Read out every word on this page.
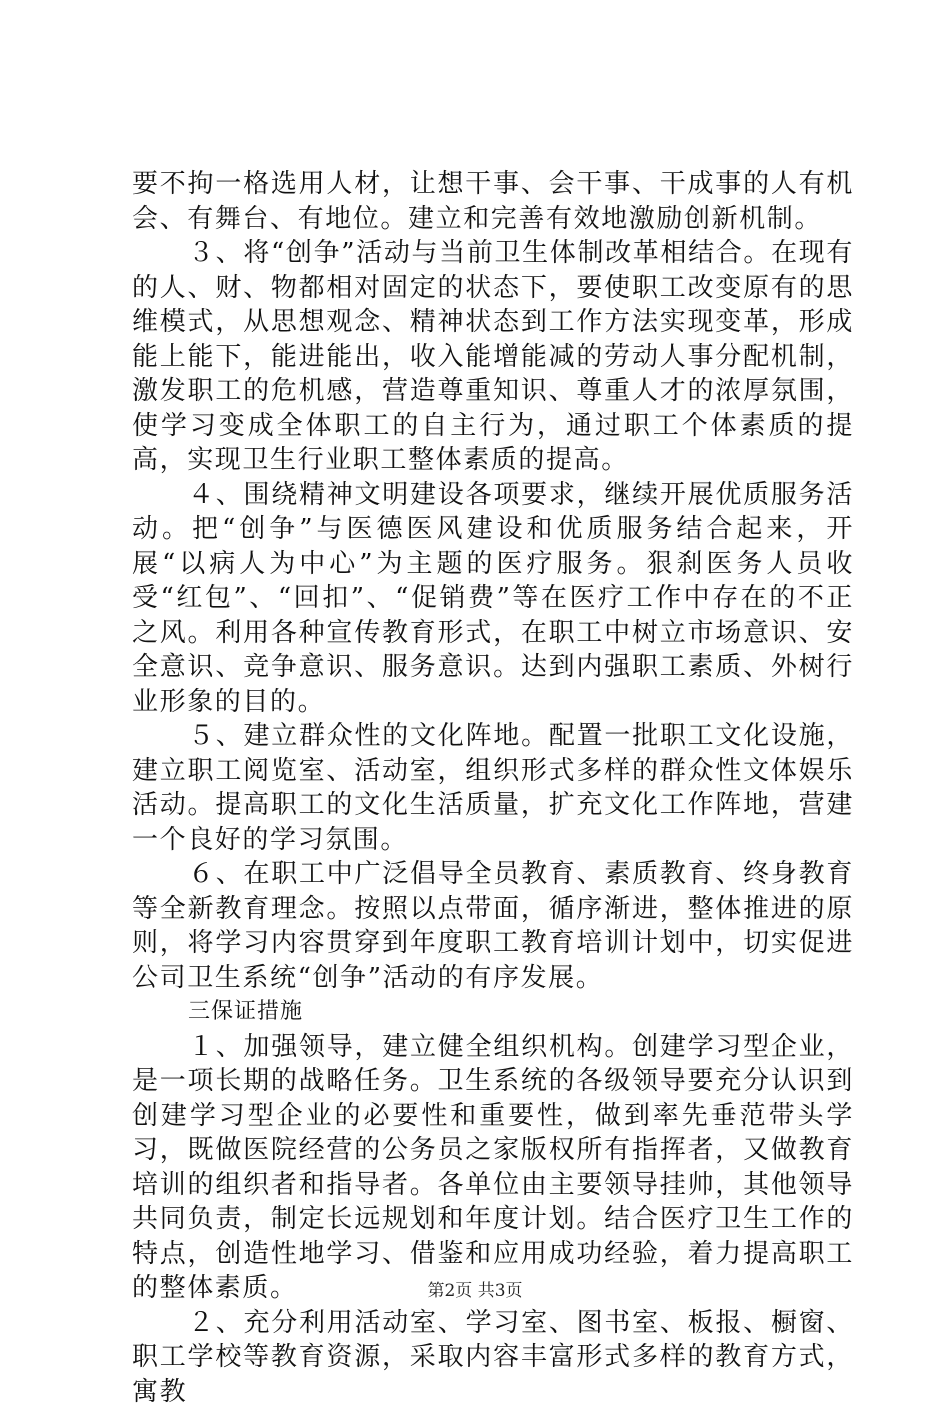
要不拘一格选用人材，让想干事、会干事、干成事的人有机会、有舞台、有地位。建立和完善有效地激励创新机制。

３、将“创争”活动与当前卫生体制改革相结合。在现有的人、财、物都相对固定的状态下，要使职工改变原有的思维模式，从思想观念、精神状态到工作方法实现变革，形成能上能下，能进能出，收入能增能减的劳动人事分配机制，激发职工的危机感，营造尊重知识、尊重人才的浓厚氛围，使学习变成全体职工的自主行为，通过职工个体素质的提高，实现卫生行业职工整体素质的提高。

４、围绕精神文明建设各项要求，继续开展优质服务活动。把“创争”与医德医风建设和优质服务结合起来，开展“以病人为中心”为主题的医疗服务。狠刹医务人员收受“红包”、“回扣”、“促销费”等在医疗工作中存在的不正之风。利用各种宣传教育形式，在职工中树立市场意识、安全意识、竞争意识、服务意识。达到内强职工素质、外树行业形象的目的。

５、建立群众性的文化阵地。配置一批职工文化设施，建立职工阅览室、活动室，组织形式多样的群众性文体娱乐活动。提高职工的文化生活质量，扩充文化工作阵地，营建一个良好的学习氛围。

６、在职工中广泛倡导全员教育、素质教育、终身教育等全新教育理念。按照以点带面，循序渐进，整体推进的原则，将学习内容贯穿到年度职工教育培训计划中，切实促进公司卫生系统“创争”活动的有序发展。

三保证措施

１、加强领导，建立健全组织机构。创建学习型企业，是一项长期的战略任务。卫生系统的各级领导要充分认识到创建学习型企业的必要性和重要性，做到率先垂范带头学习，既做医院经营的公务员之家版权所有指挥者，又做教育培训的组织者和指导者。各单位由主要领导挂帅，其他领导共同负责，制定长远规划和年度计划。结合医疗卫生工作的特点，创造性地学习、借鉴和应用成功经验，着力提高职工的整体素质。

２、充分利用活动室、学习室、图书室、板报、橱窗、职工学校等教育资源，采取内容丰富形式多样的教育方式，寓教

第2页 共3页
